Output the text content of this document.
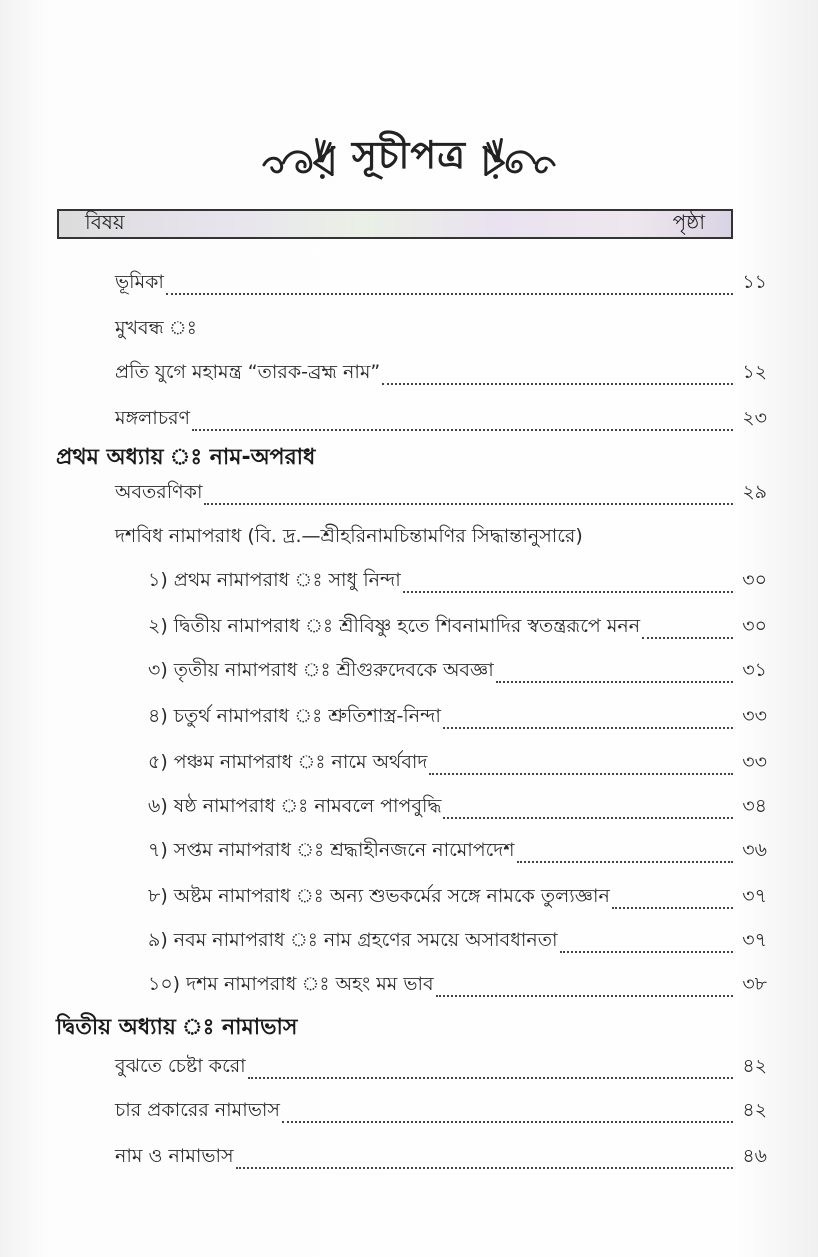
সূচীপত্র
বিষয়	পৃষ্ঠা
ভূমিকা	১১
মুখবন্ধ ঃ
প্রতি যুগে মহামন্ত্র “তারক-ব্রহ্ম নাম”	১২
মঙ্গলাচরণ	২৩
প্রথম অধ্যায় ঃ নাম-অপরাধ
অবতরণিকা	২৯
দশবিধ নামাপরাধ (বি. দ্র.—শ্রীহরিনামচিন্তামণির সিদ্ধান্তানুসারে)
১) প্রথম নামাপরাধ ঃ সাধু নিন্দা	৩০
২) দ্বিতীয় নামাপরাধ ঃ শ্রীবিষ্ণু হতে শিবনামাদির স্বতন্ত্ররূপে মনন	৩০
৩) তৃতীয় নামাপরাধ ঃ শ্রীগুরুদেবকে অবজ্ঞা	৩১
৪) চতুর্থ নামাপরাধ ঃ শ্রুতিশাস্ত্র-নিন্দা	৩৩
৫) পঞ্চম নামাপরাধ ঃ নামে অর্থবাদ	৩৩
৬) ষষ্ঠ নামাপরাধ ঃ নামবলে পাপবুদ্ধি	৩৪
৭) সপ্তম নামাপরাধ ঃ শ্রদ্ধাহীনজনে নামোপদেশ	৩৬
৮) অষ্টম নামাপরাধ ঃ অন্য শুভকর্মের সঙ্গে নামকে তুল্যজ্ঞান	৩৭
৯) নবম নামাপরাধ ঃ নাম গ্রহণের সময়ে অসাবধানতা	৩৭
১০) দশম নামাপরাধ ঃ অহং মম ভাব	৩৮
দ্বিতীয় অধ্যায় ঃ নামাভাস
বুঝতে চেষ্টা করো	৪২
চার প্রকারের নামাভাস	৪২
নাম ও নামাভাস	৪৬
